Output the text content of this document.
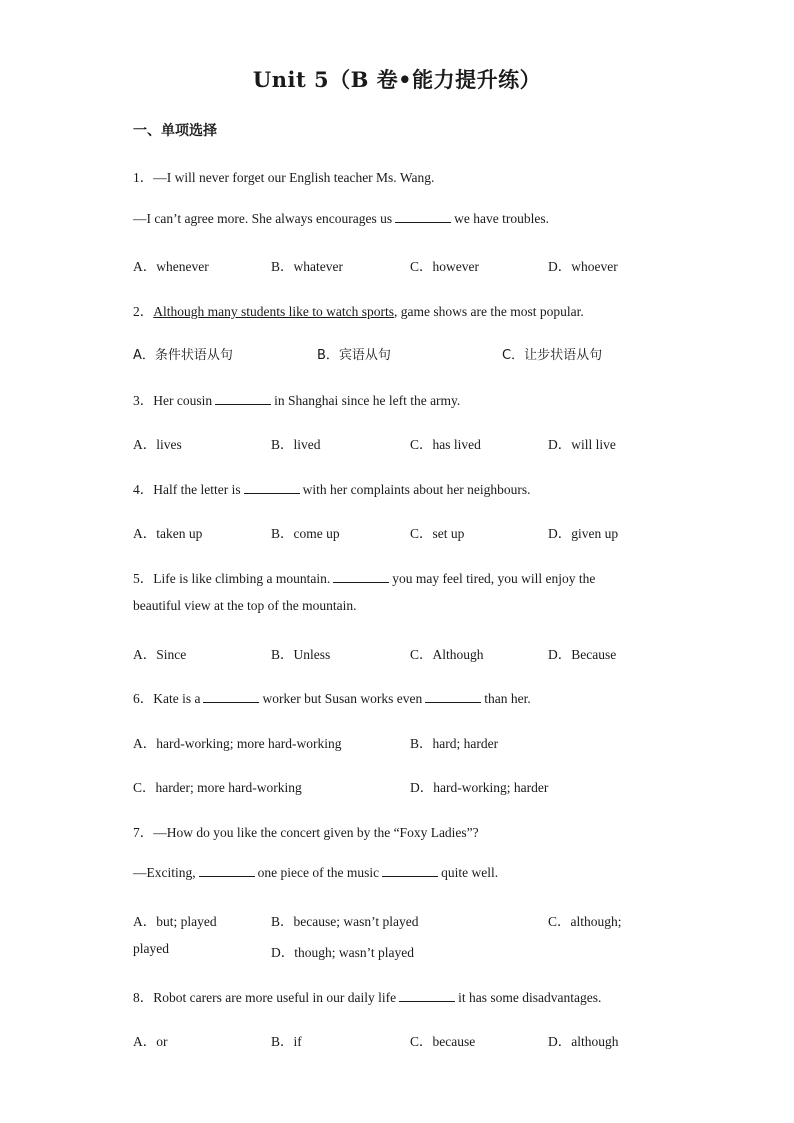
Unit 5（B 卷•能力提升练）
一、单项选择
1．—I will never forget our English teacher Ms. Wang.
—I can’t agree more. She always encourages us	we have troubles.
A．whenever	B．whatever	C．however	D．whoever
2．Although many students like to watch sports, game shows are the most popular.
A．条件状语从句	B．宾语从句	C．让步状语从句
3．Her cousin	in Shanghai since he left the army.
A．lives	B．lived	C．has lived	D．will live
4．Half the letter is	with her complaints about her neighbours.
A．taken up	B．come up	C．set up	D．given up
5．Life is like climbing a mountain.	you may feel tired, you will enjoy the
beautiful view at the top of the mountain.
A．Since	B．Unless	C．Although	D．Because
6．Kate is a	worker but Susan works even	than her.
A．hard-working; more hard-working	B．hard; harder
C．harder; more hard-working	D．hard-working; harder
7．—How do you like the concert given by the “Foxy Ladies”?
—Exciting,	one piece of the music	quite well.
A．but; played	B．because; wasn’t played	C．although;
played	D．though; wasn’t played
8．Robot carers are more useful in our daily life	it has some disadvantages.
A．or	B．if	C．because	D．although
